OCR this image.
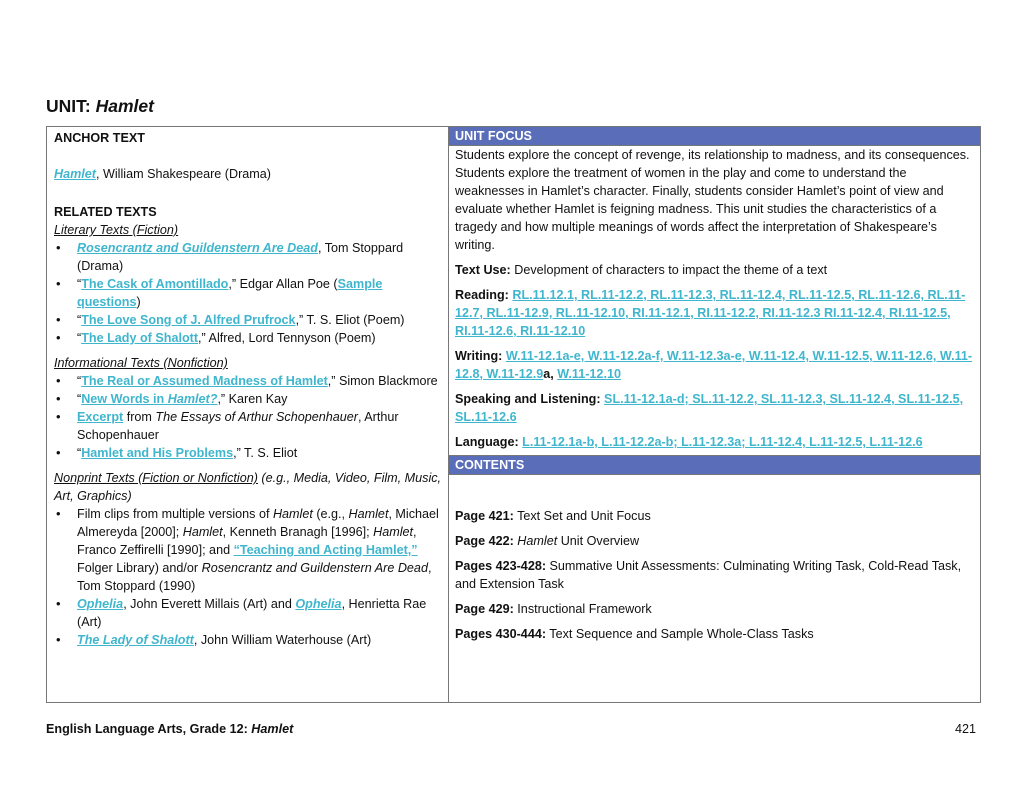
UNIT: Hamlet

ANCHOR TEXT

Hamlet, William Shakespeare (Drama)

RELATED TEXTS

Literary Texts (Fiction)

• Rosencrantz and Guildenstern Are Dead, Tom Stoppard (Drama)
• “The Cask of Amontillado,” Edgar Allan Poe (Sample questions)
• “The Love Song of J. Alfred Prufrock,” T. S. Eliot (Poem)
• “The Lady of Shalott,” Alfred, Lord Tennyson (Poem)

Informational Texts (Nonfiction)

• “The Real or Assumed Madness of Hamlet,” Simon Blackmore
• “New Words in Hamlet?,” Karen Kay
• Excerpt from The Essays of Arthur Schopenhauer, Arthur Schopenhauer
• “Hamlet and His Problems,” T. S. Eliot

Nonprint Texts (Fiction or Nonfiction) (e.g., Media, Video, Film, Music, Art, Graphics)

• Film clips from multiple versions of Hamlet (e.g., Hamlet, Michael Almereyda [2000]; Hamlet, Kenneth Branagh [1996]; Hamlet, Franco Zeffirelli [1990]; and “Teaching and Acting Hamlet,” Folger Library) and/or Rosencrantz and Guildenstern Are Dead, Tom Stoppard (1990)
• Ophelia, John Everett Millais (Art) and Ophelia, Henrietta Rae (Art)
• The Lady of Shalott, John William Waterhouse (Art)
UNIT FOCUS

Students explore the concept of revenge, its relationship to madness, and its consequences. Students explore the treatment of women in the play and come to understand the weaknesses in Hamlet’s character. Finally, students consider Hamlet’s point of view and evaluate whether Hamlet is feigning madness. This unit studies the characteristics of a tragedy and how multiple meanings of words affect the interpretation of Shakespeare’s writing.

Text Use: Development of characters to impact the theme of a text

Reading: RL.11.12.1, RL.11-12.2, RL.11-12.3, RL.11-12.4, RL.11-12.5, RL.11-12.6, RL.11-12.7, RL.11-12.9, RL.11-12.10, RI.11-12.1, RI.11-12.2, RI.11-12.3 RI.11-12.4, RI.11-12.5, RI.11-12.6, RI.11-12.10

Writing: W.11-12.1a-e, W.11-12.2a-f, W.11-12.3a-e, W.11-12.4, W.11-12.5, W.11-12.6, W.11-12.8, W.11-12.9a, W.11-12.10

Speaking and Listening: SL.11-12.1a-d; SL.11-12.2, SL.11-12.3, SL.11-12.4, SL.11-12.5, SL.11-12.6

Language: L.11-12.1a-b, L.11-12.2a-b; L.11-12.3a; L.11-12.4, L.11-12.5, L.11-12.6

CONTENTS

Page 421: Text Set and Unit Focus

Page 422: Hamlet Unit Overview

Pages 423-428: Summative Unit Assessments: Culminating Writing Task, Cold-Read Task, and Extension Task

Page 429: Instructional Framework

Pages 430-444: Text Sequence and Sample Whole-Class Tasks

English Language Arts, Grade 12: Hamlet	421
